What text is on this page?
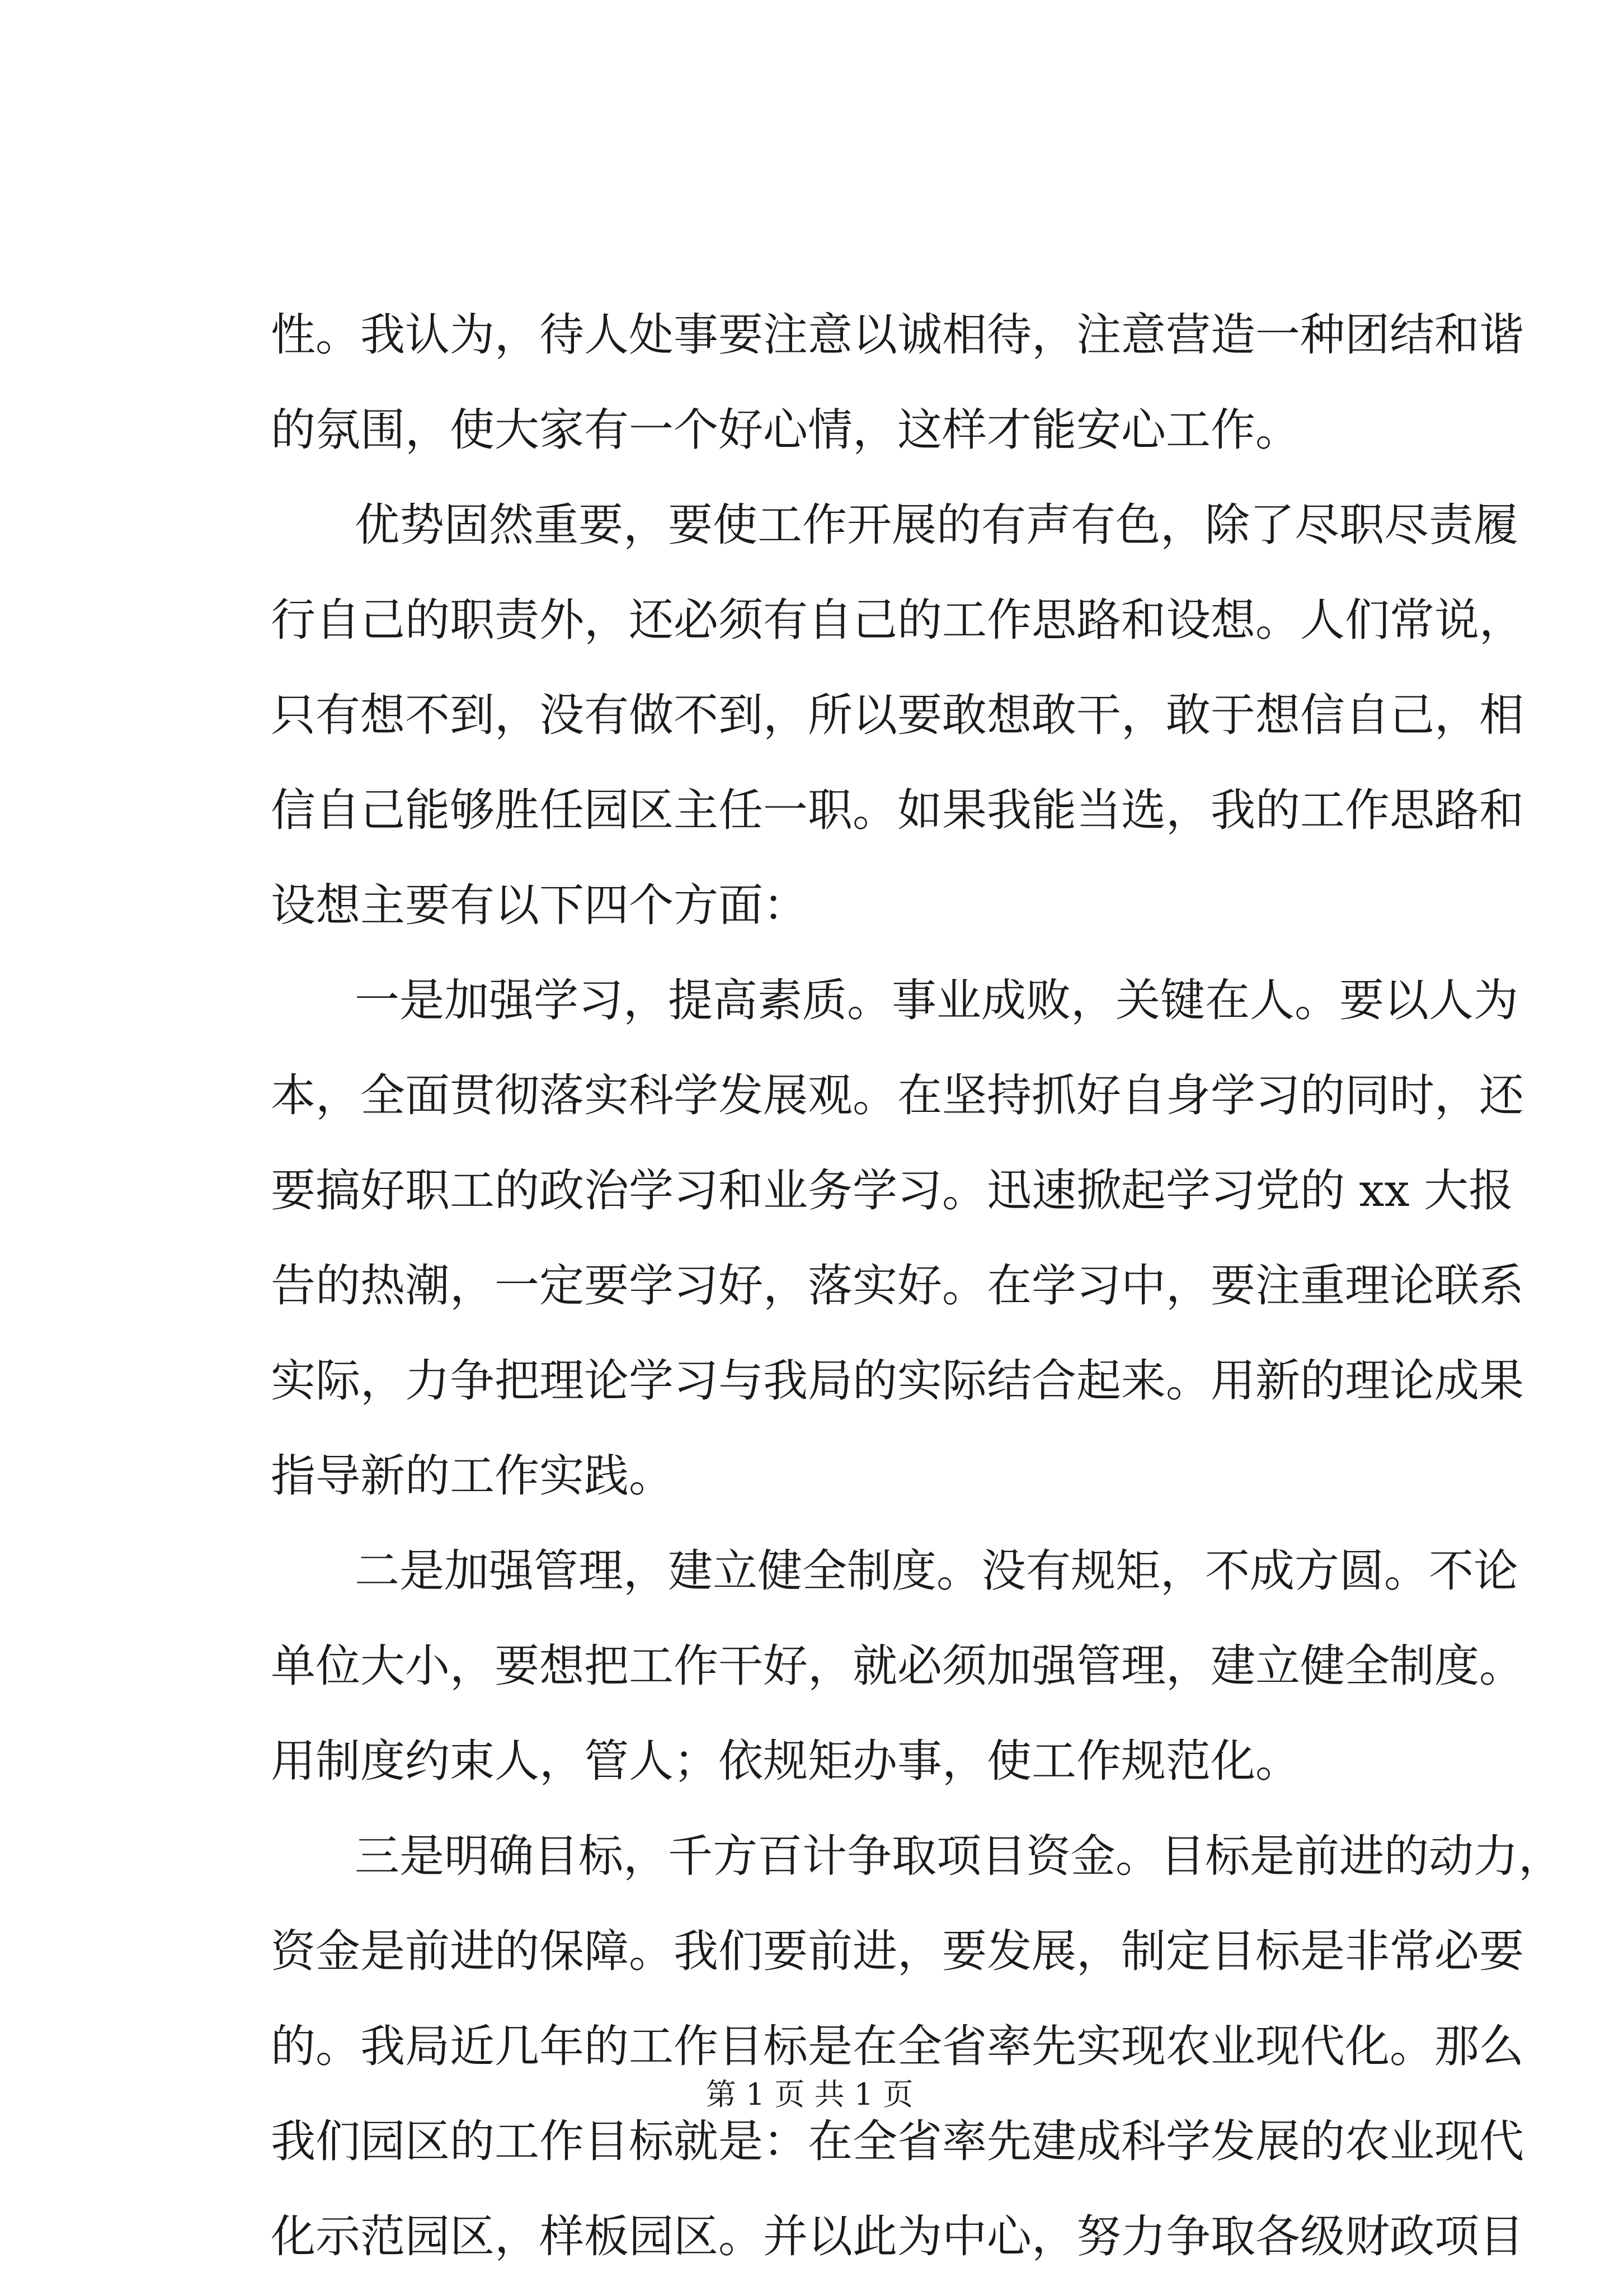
性。我认为，待人处事要注意以诚相待，注意营造一种团结和谐
的氛围，使大家有一个好心情，这样才能安心工作。
优势固然重要，要使工作开展的有声有色，除了尽职尽责履
行自己的职责外，还必须有自己的工作思路和设想。人们常说，
只有想不到，没有做不到，所以要敢想敢干，敢于想信自己，相
信自己能够胜任园区主任一职。如果我能当选，我的工作思路和
设想主要有以下四个方面：
一是加强学习，提高素质。事业成败，关键在人。要以人为
本，全面贯彻落实科学发展观。在坚持抓好自身学习的同时，还
要搞好职工的政治学习和业务学习。迅速掀起学习党的 xx 大报
告的热潮，一定要学习好，落实好。在学习中，要注重理论联系
实际，力争把理论学习与我局的实际结合起来。用新的理论成果
指导新的工作实践。
二是加强管理，建立健全制度。没有规矩，不成方圆。不论
单位大小，要想把工作干好，就必须加强管理，建立健全制度。
用制度约束人，管人；依规矩办事，使工作规范化。
三是明确目标，千方百计争取项目资金。目标是前进的动力，
资金是前进的保障。我们要前进，要发展，制定目标是非常必要
的。我局近几年的工作目标是在全省率先实现农业现代化。那么
我们园区的工作目标就是：在全省率先建成科学发展的农业现代
化示范园区，样板园区。并以此为中心，努力争取各级财政项目
第 1 页 共 1 页
